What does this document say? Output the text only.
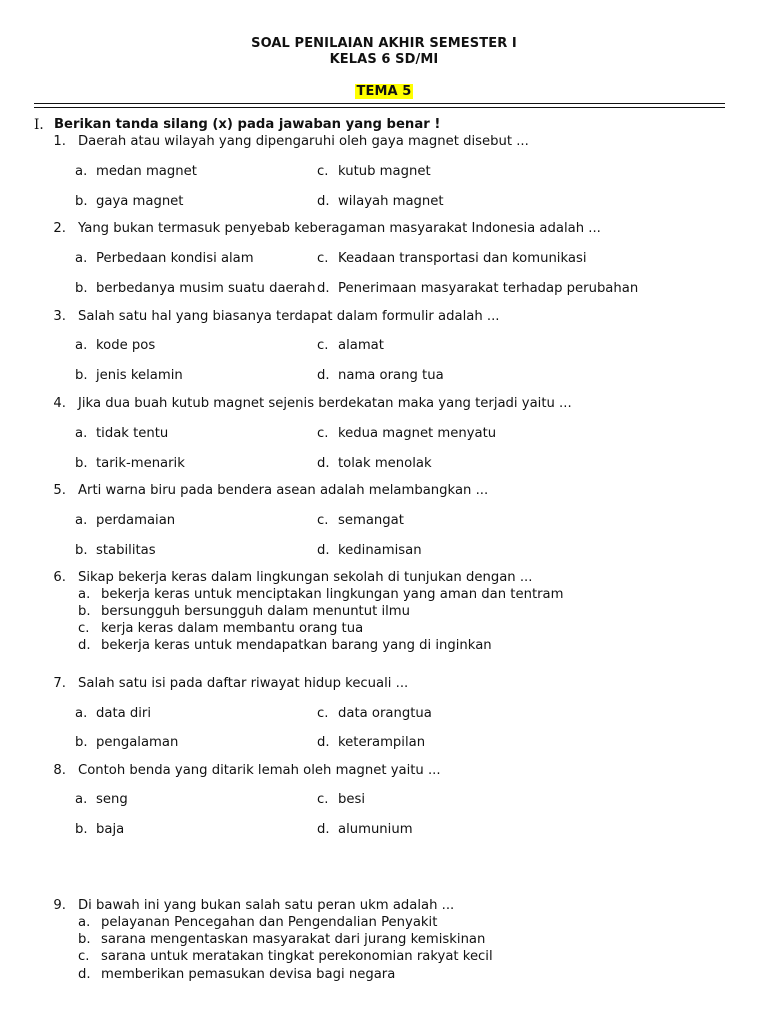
SOAL PENILAIAN AKHIR SEMESTER I
KELAS 6 SD/MI
TEMA 5
I. Berikan tanda silang (x) pada jawaban yang benar !
1. Daerah atau wilayah yang dipengaruhi oleh gaya magnet disebut ...
a. medan magnet
b. gaya magnet
c. kutub magnet
d. wilayah magnet
2. Yang bukan termasuk penyebab keberagaman masyarakat Indonesia adalah ...
a. Perbedaan kondisi alam
b. berbedanya musim suatu daerah
c. Keadaan transportasi dan komunikasi
d. Penerimaan masyarakat terhadap perubahan
3. Salah satu hal yang biasanya terdapat dalam formulir adalah ...
a. kode pos
b. jenis kelamin
c. alamat
d. nama orang tua
4. Jika dua buah kutub magnet sejenis berdekatan maka yang terjadi yaitu ...
a. tidak tentu
b. tarik-menarik
c. kedua magnet menyatu
d. tolak menolak
5. Arti warna biru pada bendera asean adalah melambangkan ...
a. perdamaian
b. stabilitas
c. semangat
d. kedinamisan
6. Sikap bekerja keras dalam lingkungan sekolah di tunjukan dengan ...
a. bekerja keras untuk menciptakan lingkungan yang aman dan tentram
b. bersungguh bersungguh dalam menuntut ilmu
c. kerja keras dalam membantu orang tua
d. bekerja keras untuk mendapatkan barang yang di inginkan
7. Salah satu isi pada daftar riwayat hidup kecuali ...
a. data diri
b. pengalaman
c. data orangtua
d. keterampilan
8. Contoh benda yang ditarik lemah oleh magnet yaitu ...
a. seng
b. baja
c. besi
d. alumunium
9. Di bawah ini yang bukan salah satu peran ukm adalah ...
a. pelayanan Pencegahan dan Pengendalian Penyakit
b. sarana mengentaskan masyarakat dari jurang kemiskinan
c. sarana untuk meratakan tingkat perekonomian rakyat kecil
d. memberikan pemasukan devisa bagi negara
